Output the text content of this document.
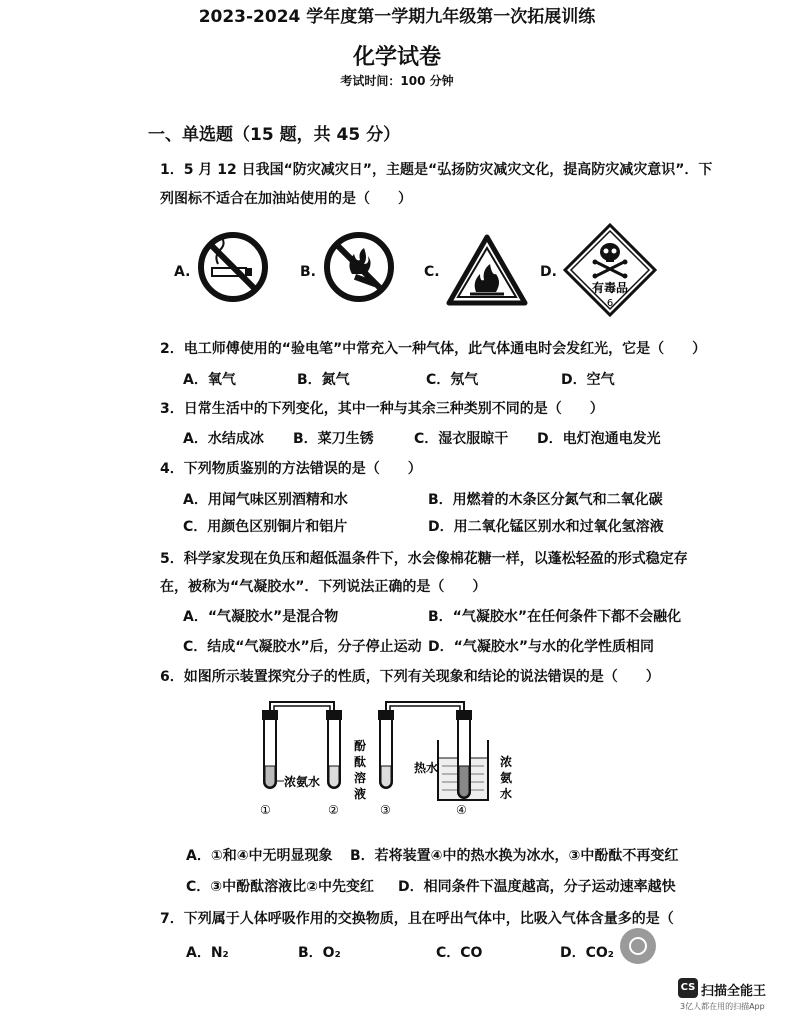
2023-2024 学年度第一学期九年级第一次拓展训练
化学试卷
考试时间：100 分钟
一、单选题（15 题，共 45 分）
1．5 月 12 日我国“防灾减灾日”，主题是“弘扬防灾减灾文化，提高防灾减灾意识”．下
列图标不适合在加油站使用的是（　　）
A.	B.	C.	D.
有毒品
6
2．电工师傅使用的“验电笔”中常充入一种气体，此气体通电时会发红光，它是（　　）
A．氧气	B．氮气	C．氖气	D．空气
3．日常生活中的下列变化，其中一种与其余三种类别不同的是（　　）
A．水结成冰 B．菜刀生锈	C．湿衣服晾干 D．电灯泡通电发光
4．下列物质鉴别的方法错误的是（　　）
A．用闻气味区别酒精和水	B．用燃着的木条区分氮气和二氧化碳
C．用颜色区别铜片和铝片	D．用二氧化锰区别水和过氧化氢溶液
5．科学家发现在负压和超低温条件下，水会像棉花糖一样，以蓬松轻盈的形式稳定存
在，被称为“气凝胶水”．下列说法正确的是（　　）
A．“气凝胶水”是混合物	B．“气凝胶水”在任何条件下都不会融化
C．结成“气凝胶水”后，分子停止运动 D．“气凝胶水”与水的化学性质相同
6．如图所示装置探究分子的性质，下列有关现象和结论的说法错误的是（　　）
浓氨水
①	②
酚
酞
溶
液
热水	浓
氨
水
③	④
A．①和④中无明显现象 B．若将装置④中的热水换为冰水，③中酚酞不再变红
C．③中酚酞溶液比②中先变红 D．相同条件下温度越高，分子运动速率越快
7．下列属于人体呼吸作用的交换物质，且在呼出气体中，比吸入气体含量多的是（
A．N₂	B．O₂	C．CO	D．CO₂
CS 扫描全能王
3亿人都在用的扫描App
